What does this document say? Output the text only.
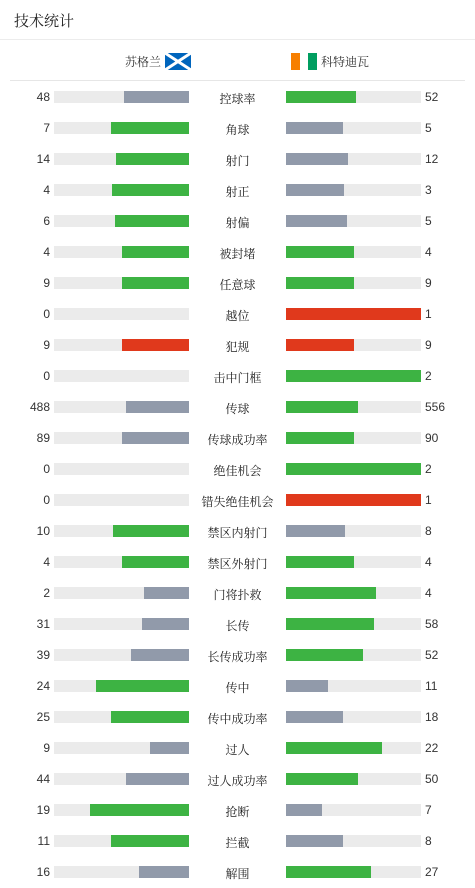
技术统计
苏格兰	科特迪瓦
48	控球率	52
7	角球	5
14	射门	12
4	射正	3
6	射偏	5
4	被封堵	4
9	任意球	9
0	越位	1
9	犯规	9
0	击中门框	2
488	传球	556
89	传球成功率	90
0	绝佳机会	2
0	错失绝佳机会	1
10	禁区内射门	8
4	禁区外射门	4
2	门将扑救	4
31	长传	58
39	长传成功率	52
24	传中	11
25	传中成功率	18
9	过人	22
44	过人成功率	50
19	抢断	7
11	拦截	8
16	解围	27
